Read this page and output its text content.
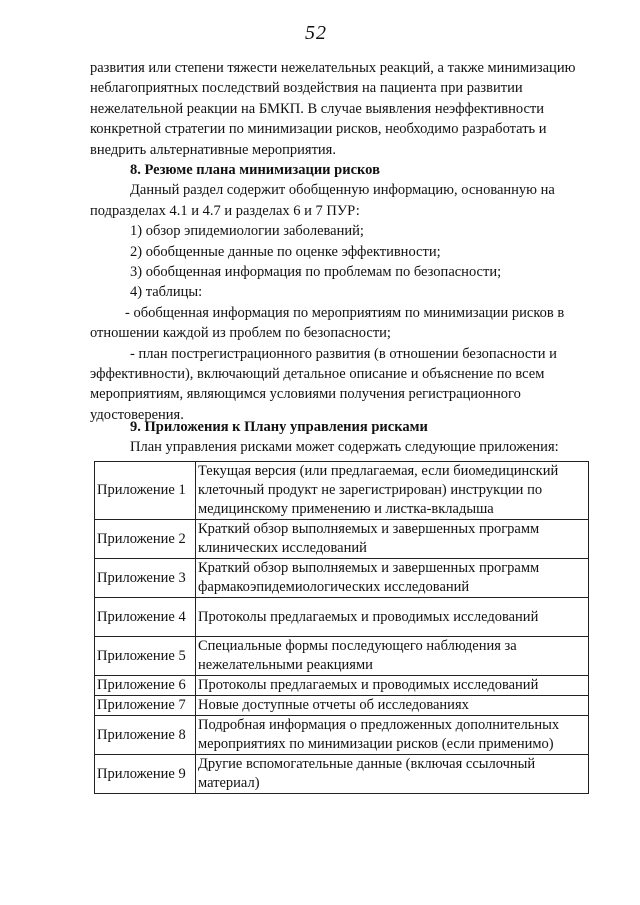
52
развития или степени тяжести нежелательных реакций, а также минимизацию
неблагоприятных последствий воздействия на пациента при развитии
нежелательной реакции на БМКП. В случае выявления неэффективности
конкретной стратегии по минимизации рисков, необходимо разработать и
внедрить альтернативные мероприятия.
8. Резюме плана минимизации рисков
Данный раздел содержит обобщенную информацию, основанную на
подразделах 4.1 и 4.7 и разделах 6 и 7 ПУР:
1) обзор эпидемиологии заболеваний;
2) обобщенные данные по оценке эффективности;
3) обобщенная информация по проблемам по безопасности;
4) таблицы:
- обобщенная информация по мероприятиям по минимизации рисков в
отношении каждой из проблем по безопасности;
- план пострегистрационного развития (в отношении безопасности и
эффективности), включающий детальное описание и объяснение по всем
мероприятиям, являющимся условиями получения регистрационного
удостоверения.
9. Приложения к Плану управления рисками
План управления рисками может содержать следующие приложения:
Приложение 1	Текущая версия (или предлагаемая, если биомедицинский
клеточный продукт не зарегистрирован) инструкции по
медицинскому применению и листка-вкладыша

Приложение 2	Краткий обзор выполняемых и завершенных программ
клинических исследований

Приложение 3	Краткий обзор выполняемых и завершенных программ
фармакоэпидемиологических исследований

Приложение 4	Протоколы предлагаемых и проводимых исследований

Приложение 5	Специальные формы последующего наблюдения за
нежелательными реакциями

Приложение 6	Протоколы предлагаемых и проводимых исследований

Приложение 7	Новые доступные отчеты об исследованиях

Приложение 8	Подробная информация о предложенных дополнительных
мероприятиях по минимизации рисков (если применимо)

Приложение 9	Другие вспомогательные данные (включая ссылочный
материал)
